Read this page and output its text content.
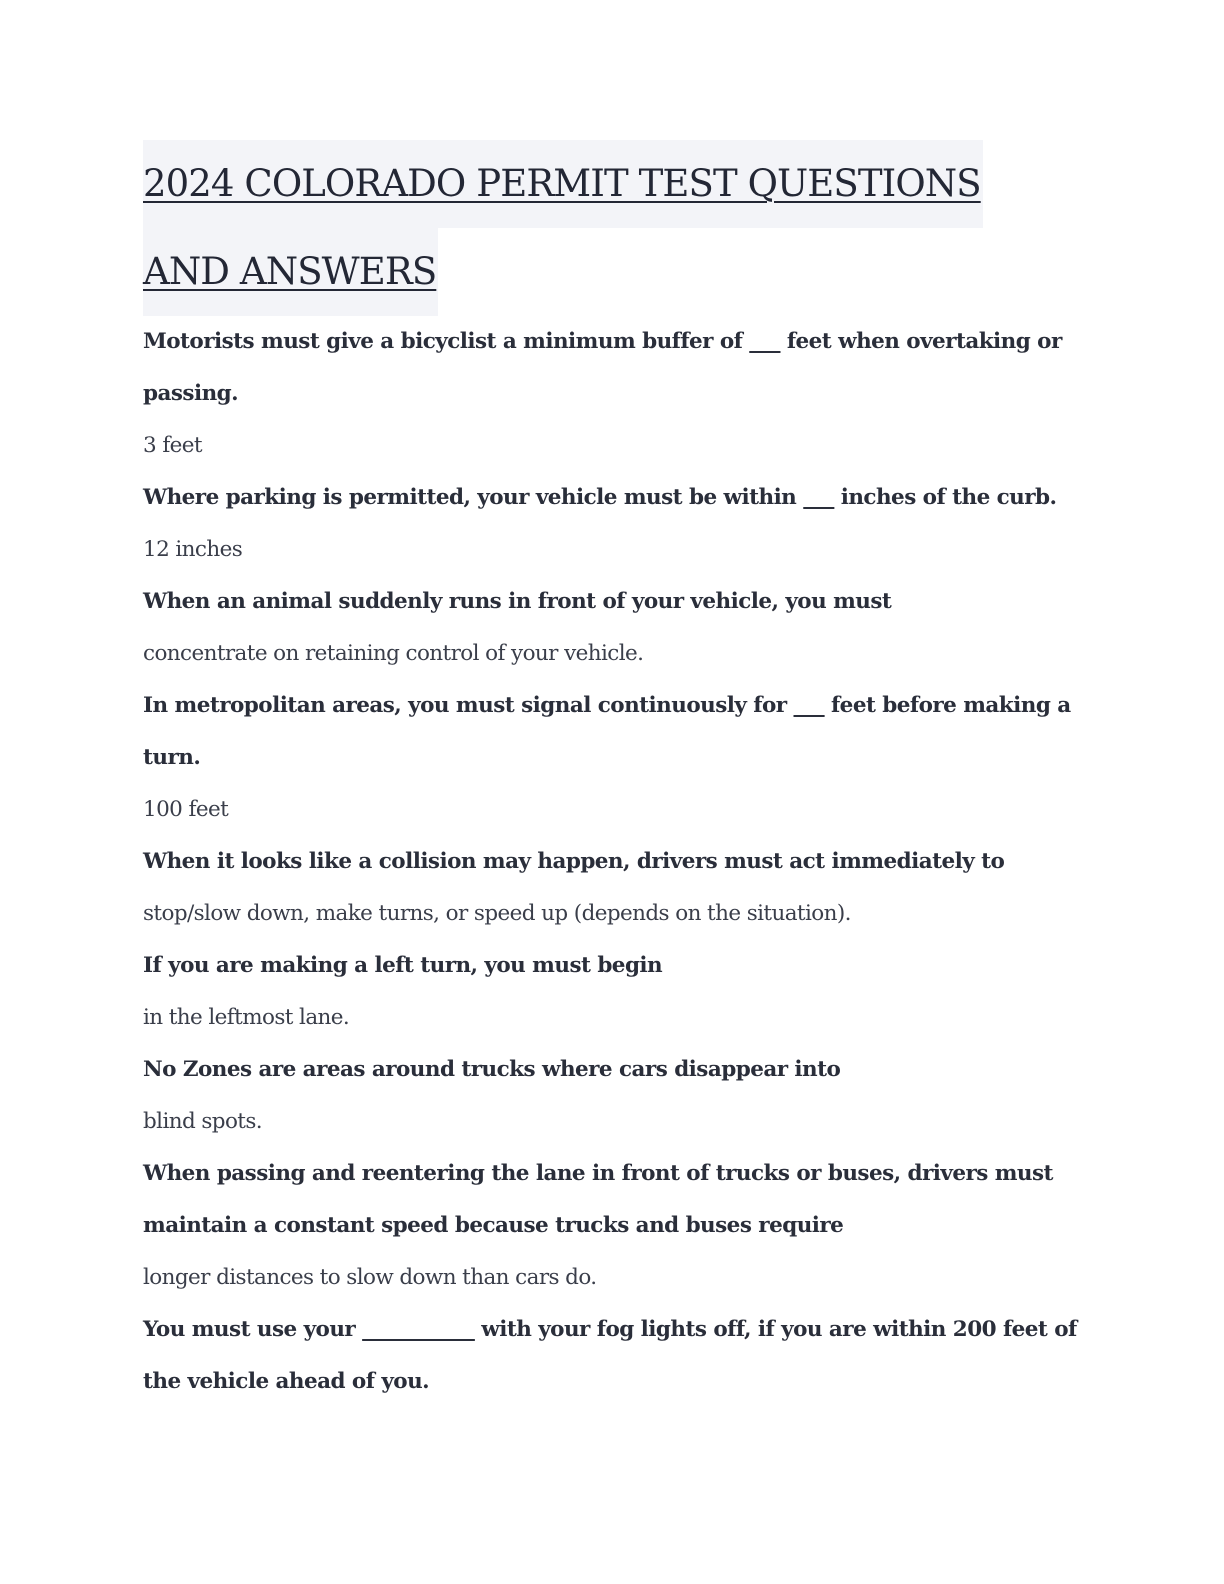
2024 COLORADO PERMIT TEST QUESTIONS
AND ANSWERS

Motorists must give a bicyclist a minimum buffer of ___ feet when overtaking or passing.

3 feet

Where parking is permitted, your vehicle must be within ___ inches of the curb.

12 inches

When an animal suddenly runs in front of your vehicle, you must

concentrate on retaining control of your vehicle.

In metropolitan areas, you must signal continuously for ___ feet before making a turn.

100 feet

When it looks like a collision may happen, drivers must act immediately to

stop/slow down, make turns, or speed up (depends on the situation).

If you are making a left turn, you must begin

in the leftmost lane.

No Zones are areas around trucks where cars disappear into

blind spots.

When passing and reentering the lane in front of trucks or buses, drivers must maintain a constant speed because trucks and buses require

longer distances to slow down than cars do.

You must use your ___________ with your fog lights off, if you are within 200 feet of the vehicle ahead of you.
